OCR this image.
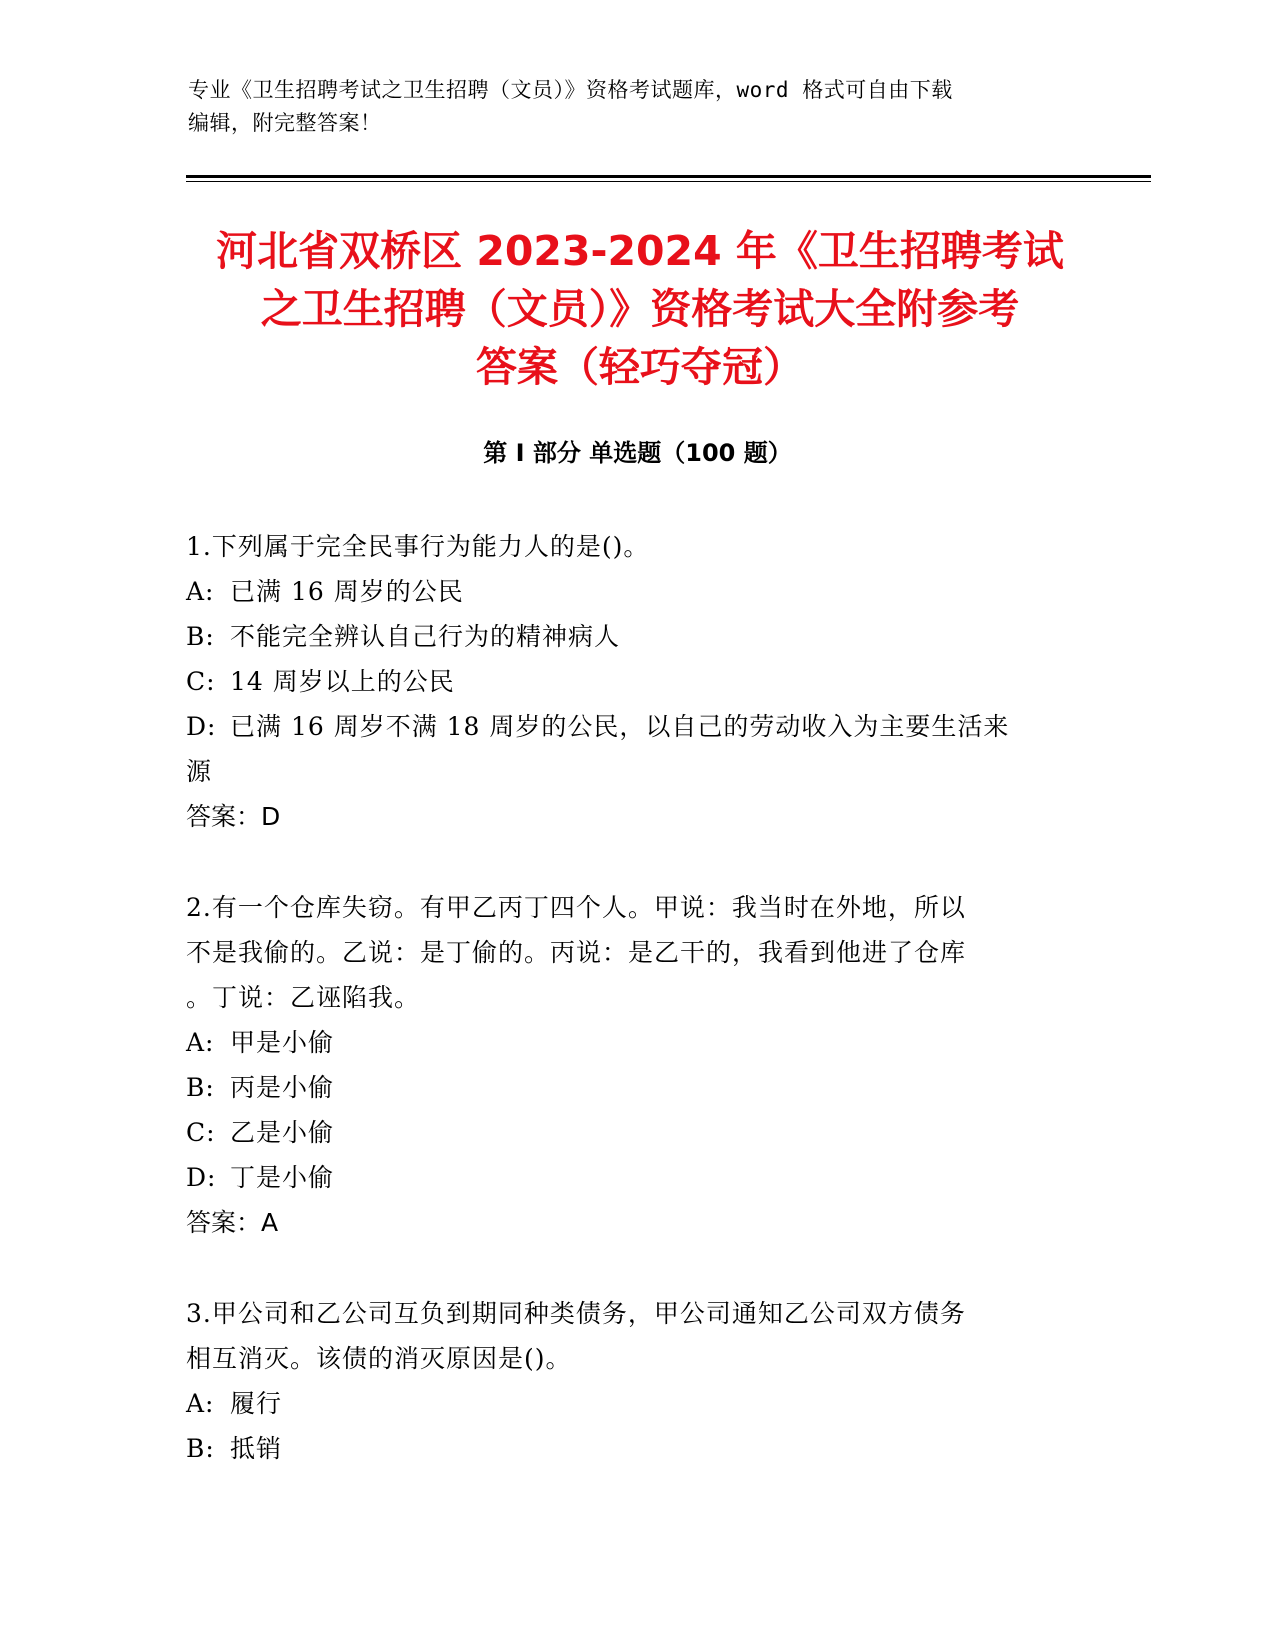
专业《卫生招聘考试之卫生招聘（文员）》资格考试题库，word 格式可自由下载
编辑，附完整答案！
河北省双桥区 2023-2024 年《卫生招聘考试
之卫生招聘（文员）》资格考试大全附参考
答案（轻巧夺冠）
第 I 部分 单选题（100 题）

1.下列属于完全民事行为能力人的是()。

A: 已满 16 周岁的公民

B: 不能完全辨认自己行为的精神病人

C: 14 周岁以上的公民

D: 已满 16 周岁不满 18 周岁的公民，以自己的劳动收入为主要生活来

源

答案：D

2.有一个仓库失窃。有甲乙丙丁四个人。甲说：我当时在外地，所以

不是我偷的。乙说：是丁偷的。丙说：是乙干的，我看到他进了仓库

。丁说：乙诬陷我。

A: 甲是小偷

B: 丙是小偷

C: 乙是小偷

D: 丁是小偷

答案：A

3.甲公司和乙公司互负到期同种类债务，甲公司通知乙公司双方债务

相互消灭。该债的消灭原因是()。

A: 履行

B: 抵销
